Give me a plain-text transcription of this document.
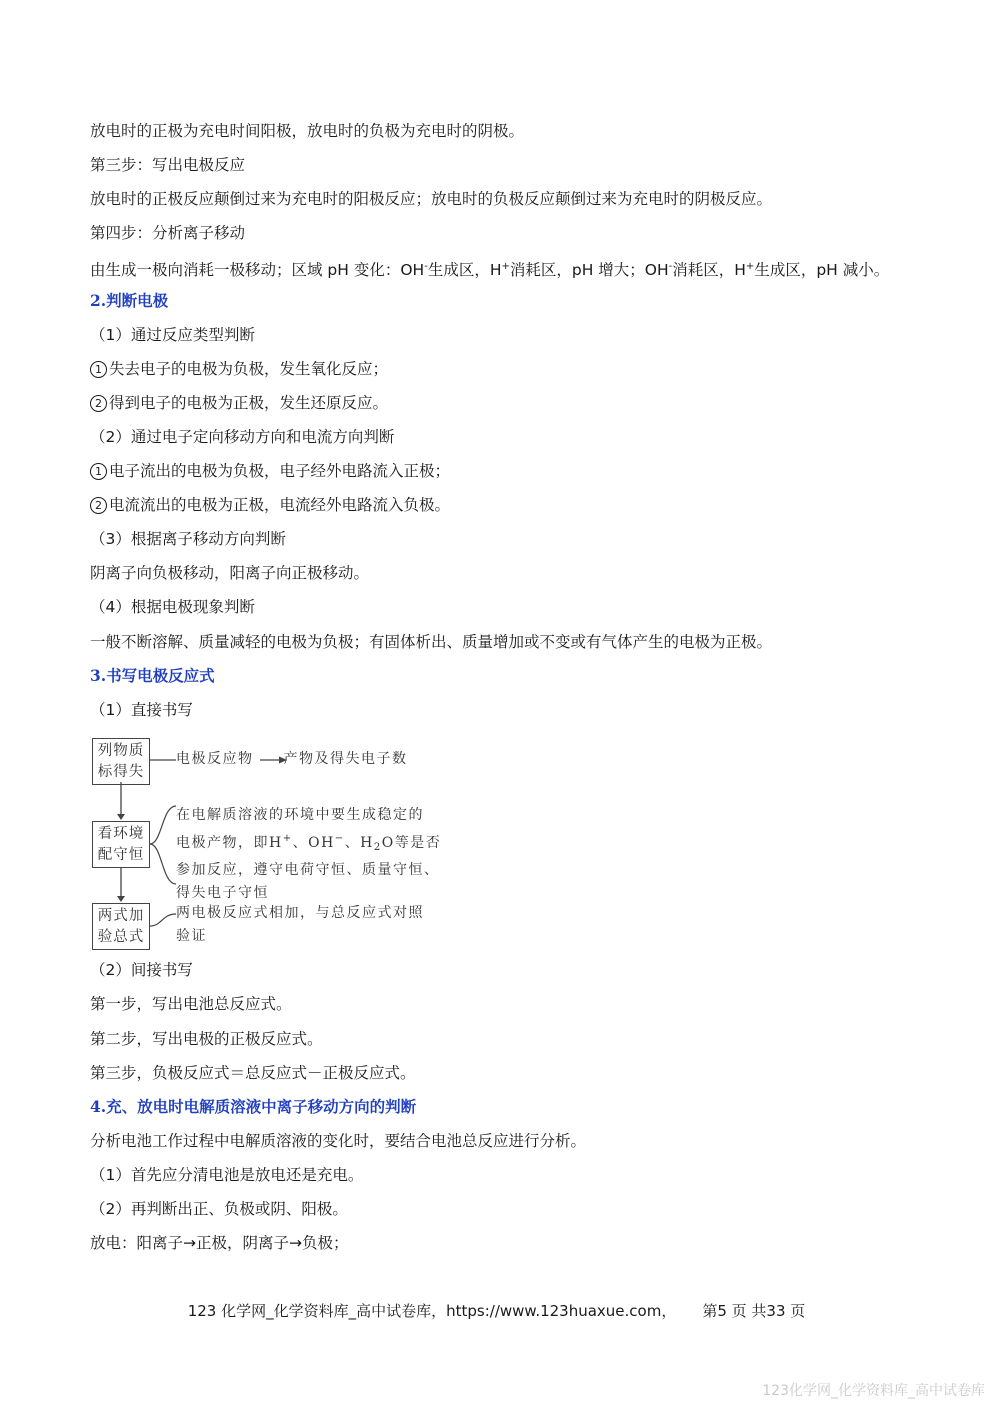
放电时的正极为充电时间阳极，放电时的负极为充电时的阴极。
第三步：写出电极反应
放电时的正极反应颠倒过来为充电时的阳极反应；放电时的负极反应颠倒过来为充电时的阴极反应。
第四步：分析离子移动
由生成一极向消耗一极移动；区域 pH 变化：OH-生成区，H+消耗区，pH 增大；OH-消耗区，H+生成区，pH 减小。
2.判断电极
（1）通过反应类型判断
1 失去电子的电极为负极，发生氧化反应；
2 得到电子的电极为正极，发生还原反应。
（2）通过电子定向移动方向和电流方向判断
1 电子流出的电极为负极，电子经外电路流入正极；
2 电流流出的电极为正极，电流经外电路流入负极。
（3）根据离子移动方向判断
阴离子向负极移动，阳离子向正极移动。
（4）根据电极现象判断
一般不断溶解、质量减轻的电极为负极；有固体析出、质量增加或不变或有气体产生的电极为正极。
3.书写电极反应式
（1）直接书写
列物质
标得失
看环境
配守恒
两式加
验总式
电极反应物 产物及得失电子数
在电解质溶液的环境中要生成稳定的
电极产物，即H+、OH−、$H_2O$等是否
参加反应，遵守电荷守恒、质量守恒、
得失电子守恒
两电极反应式相加，与总反应式对照
验证
（2）间接书写
第一步，写出电池总反应式。
第二步，写出电极的正极反应式。
第三步，负极反应式＝总反应式－正极反应式。
4.充、放电时电解质溶液中离子移动方向的判断
分析电池工作过程中电解质溶液的变化时，要结合电池总反应进行分析。
（1）首先应分清电池是放电还是充电。
（2）再判断出正、负极或阴、阳极。
放电：阳离子→正极，阴离子→负极；
123 化学网_化学资料库_高中试卷库，https://www.123huaxue.com， 第5 页 共33 页
123化学网_化学资料库_高中试卷库
